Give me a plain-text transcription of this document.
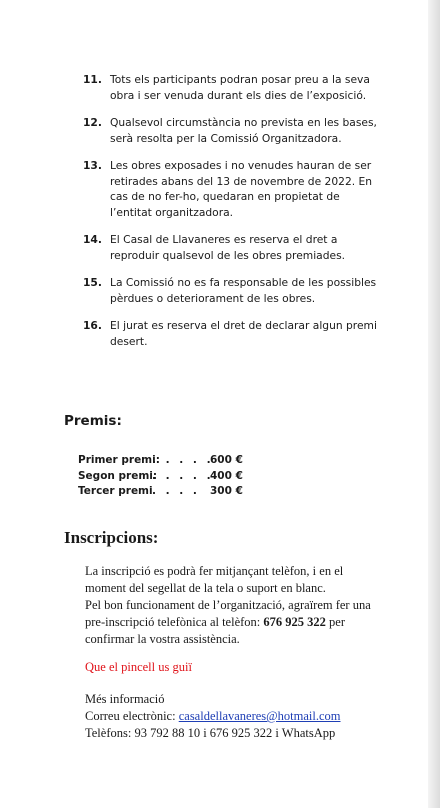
11. Tots els participants podran posar preu a la seva obra i ser venuda durant els dies de l’exposició.
12. Qualsevol circumstància no prevista en les bases, serà resolta per la Comissió Organitzadora.
13. Les obres exposades i no venudes hauran de ser retirades abans del 13 de novembre de 2022. En cas de no fer-ho, quedaran en propietat de l’entitat organitzadora.
14. El Casal de Llavaneres es reserva el dret a reproduir qualsevol de les obres premiades.
15. La Comissió no es fa responsable de les possibles pèrdues o deteriorament de les obres.
16. El jurat es reserva el dret de declarar algun premi desert.
Premis:
Primer premi:
. . . . .
600 €
Segon premi:
. . . . .
400 €
Tercer premi . . . . 300 €
Inscripcions:
La inscripció es podrà fer mitjançant telèfon, i en el moment del segellat de la tela o suport en blanc.
Pel bon funcionament de l’organització, agraïrem fer una pre-inscripció telefònica al telèfon: 676 925 322 per confirmar la vostra assistència.

Que el pincell us guiï

Més informació
Correu electrònic: casaldellavaneres@hotmail.com
Telèfons: 93 792 88 10 i 676 925 322 i WhatsApp
